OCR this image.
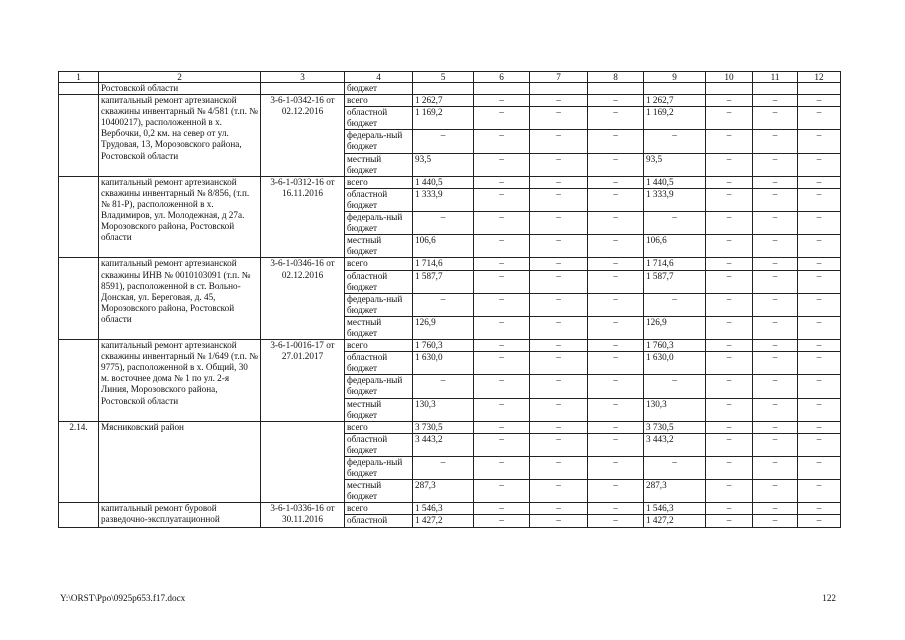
1	2	3	4	5	6	7	8	9	10	11	12
	Ростовской области		бюджет								
	капитальный ремонт артезианской скважины инвентарный № 4/581 (т.п. № 10400217), расположенной в х. Вербочки, 0,2 км. на север от ул. Трудовая, 13, Морозовского района, Ростовской области	3-6-1-0342-16 от 02.12.2016	всего	1 262,7	–	–	–	1 262,7	–	–	–
			областной бюджет	1 169,2	–	–	–	1 169,2	–	–	–
			федераль-ный бюджет	–	–	–	–	–	–	–	–
			местный бюджет	93,5	–	–	–	93,5	–	–	–
	капитальный ремонт артезианской скважины инвентарный № 8/856, (т.п. № 81-Р), расположенной в х. Владимиров, ул. Молодежная, д 27а. Морозовского района, Ростовской области	3-6-1-0312-16 от 16.11.2016	всего	1 440,5	–	–	–	1 440,5	–	–	–
			областной бюджет	1 333,9	–	–	–	1 333,9	–	–	–
			федераль-ный бюджет	–	–	–	–	–	–	–	–
			местный бюджет	106,6	–	–	–	106,6	–	–	–
	капитальный ремонт артезианской скважины ИНВ № 0010103091 (т.п. № 8591), расположенной в ст. Вольно-Донская, ул. Береговая, д. 45, Морозовского района, Ростовской области	3-6-1-0346-16 от 02.12.2016	всего	1 714,6	–	–	–	1 714,6	–	–	–
			областной бюджет	1 587,7	–	–	–	1 587,7	–	–	–
			федераль-ный бюджет	–	–	–	–	–	–	–	–
			местный бюджет	126,9	–	–	–	126,9	–	–	–
	капитальный ремонт артезианской скважины инвентарный № 1/649 (т.п. № 9775), расположенной в х. Общий, 30 м. восточнее дома № 1 по ул. 2-я Линия, Морозовского района, Ростовской области	3-6-1-0016-17 от 27.01.2017	всего	1 760,3	–	–	–	1 760,3	–	–	–
			областной бюджет	1 630,0	–	–	–	1 630,0	–	–	–
			федераль-ный бюджет	–	–	–	–	–	–	–	–
			местный бюджет	130,3	–	–	–	130,3	–	–	–
2.14.	Мясниковский район		всего	3 730,5	–	–	–	3 730,5	–	–	–
			областной бюджет	3 443,2	–	–	–	3 443,2	–	–	–
			федераль-ный бюджет	–	–	–	–	–	–	–	–
			местный бюджет	287,3	–	–	–	287,3	–	–	–
	капитальный ремонт буровой разведочно-эксплуатационной	3-6-1-0336-16 от 30.11.2016	всего	1 546,3	–	–	–	1 546,3	–	–	–
			областной	1 427,2	–	–	–	1 427,2	–	–	–
Y:\ORST\Ppo\0925p653.f17.docx	122
